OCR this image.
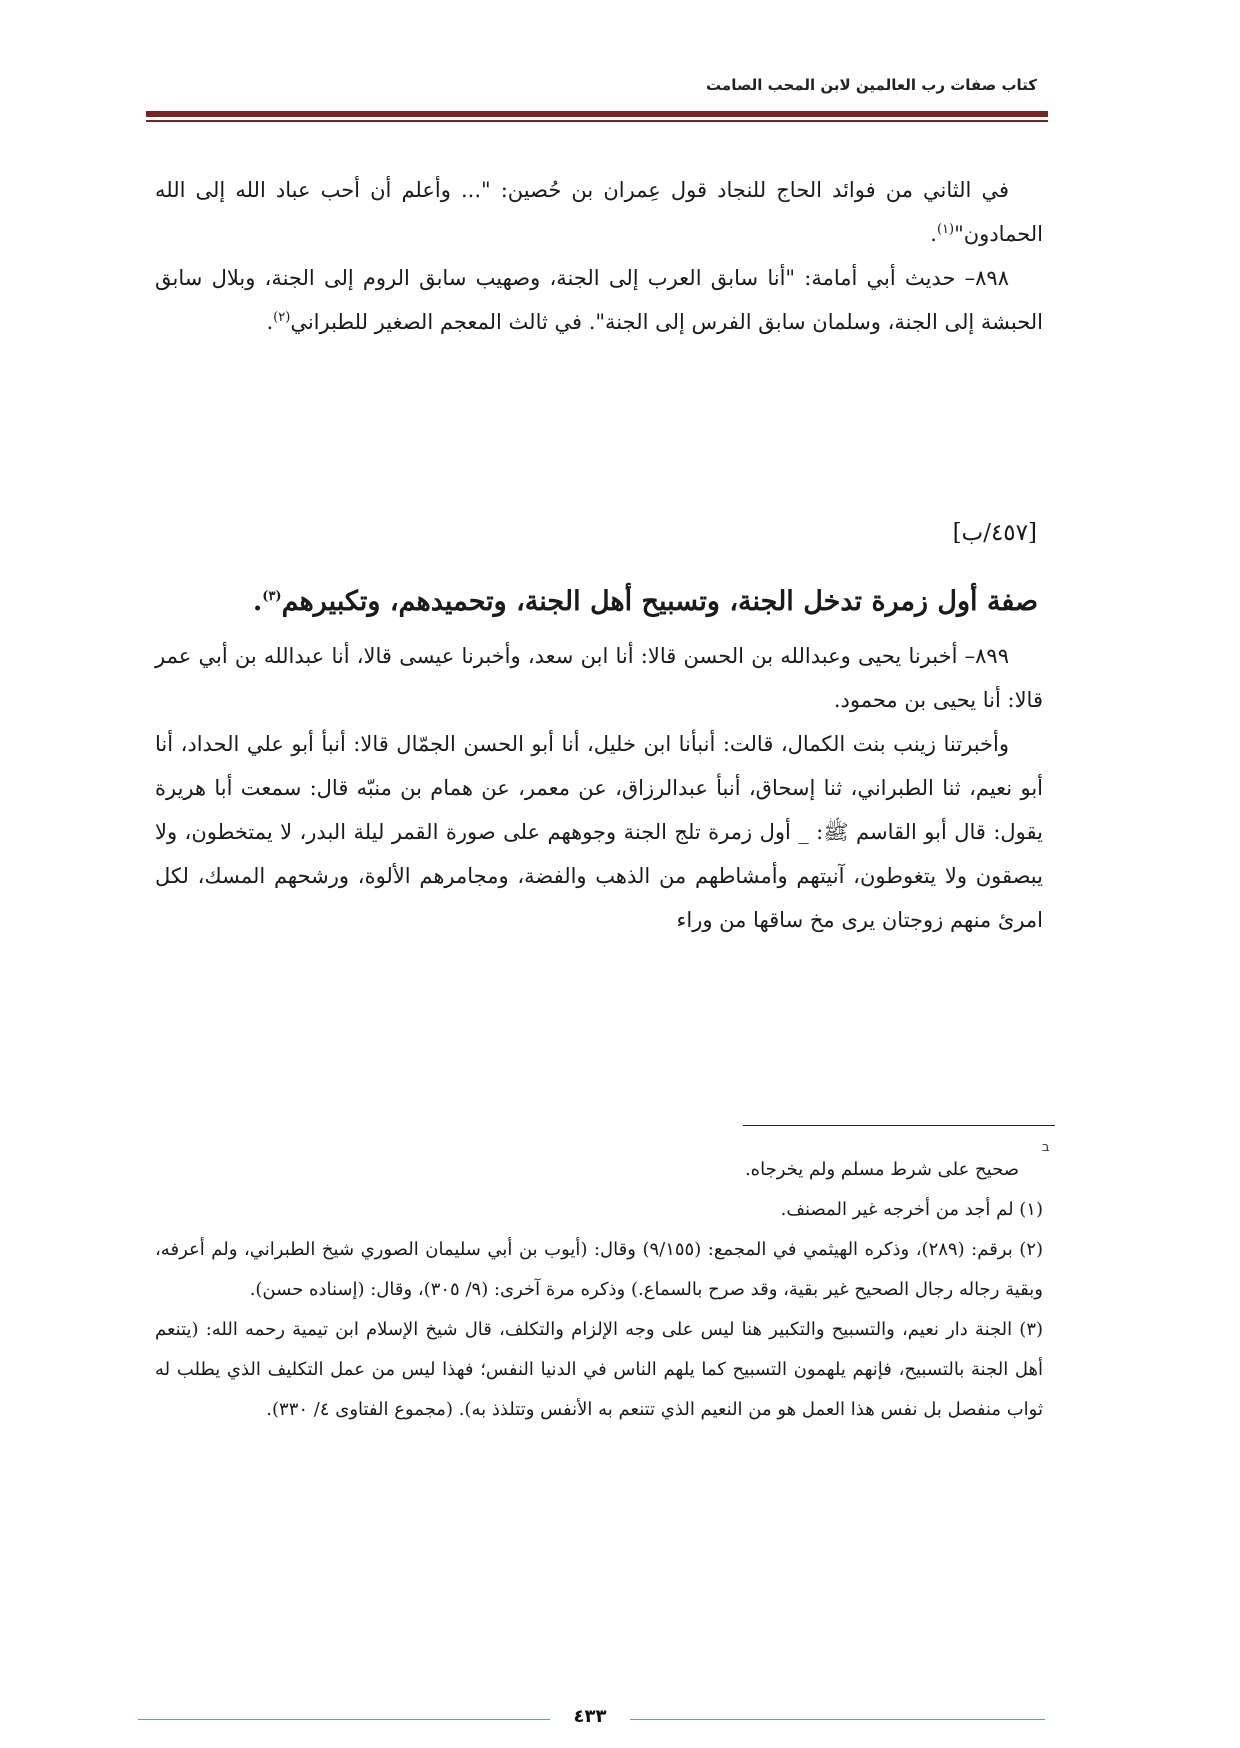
كتاب صفات رب العالمين لابن المحب الصامت

في الثاني من فوائد الحاج للنجاد قول عِمران بن حُصين: "... وأعلم أن أحب عباد الله إلى الله الحمادون"$^{(١)}$.

٨٩٨– حديث أبي أمامة: "أنا سابق العرب إلى الجنة، وصهيب سابق الروم إلى الجنة، وبلال سابق الحبشة إلى الجنة، وسلمان سابق الفرس إلى الجنة". في ثالث المعجم الصغير للطبراني$^{(٢)}$.

[٤٥٧/ب]
صفة أول زمرة تدخل الجنة، وتسبيح أهل الجنة، وتحميدهم، وتكبيرهم$^{(٣)}$.

٨٩٩– أخبرنا يحيى وعبدالله بن الحسن قالا: أنا ابن سعد، وأخبرنا عيسى قالا، أنا عبدالله بن أبي عمر قالا: أنا يحيى بن محمود.

وأخبرتنا زينب بنت الكمال، قالت: أنبأنا ابن خليل، أنا أبو الحسن الجمّال قالا: أنبأ أبو علي الحداد، أنا أبو نعيم، ثنا الطبراني، ثنا إسحاق، أنبأ عبدالرزاق، عن معمر، عن همام بن منبّه قال: سمعت أبا هريرة يقول: قال أبو القاسم ﷺ: _ أول زمرة تلج الجنة وجوههم على صورة القمر ليلة البدر، لا يمتخطون، ولا يبصقون ولا يتغوطون، آنيتهم وأمشاطهم من الذهب والفضة، ومجامرهم الألوة، ورشحهم المسك، لكل امرئ منهم زوجتان يرى مخ ساقها من وراء

ב

صحيح على شرط مسلم ولم يخرجاه.

(١) لم أجد من أخرجه غير المصنف.

(٢) برقم: (٢٨٩)، وذكره الهيثمي في المجمع: (٩/١٥٥) وقال: (أيوب بن أبي سليمان الصوري شيخ الطبراني، ولم أعرفه، وبقية رجاله رجال الصحيح غير بقية، وقد صرح بالسماع.) وذكره مرة آخرى: (٩/ ٣٠٥)، وقال: (إسناده حسن).

(٣) الجنة دار نعيم، والتسبيح والتكبير هنا ليس على وجه الإلزام والتكلف، قال شيخ الإسلام ابن تيمية رحمه الله: (يتنعم أهل الجنة بالتسبيح، فإنهم يلهمون التسبيح كما يلهم الناس في الدنيا النفس؛ فهذا ليس من عمل التكليف الذي يطلب له ثواب منفصل بل نفس هذا العمل هو من النعيم الذي تتنعم به الأنفس وتتلذذ به). (مجموع الفتاوى ٤/ ٣٣٠).

٤٣٣
